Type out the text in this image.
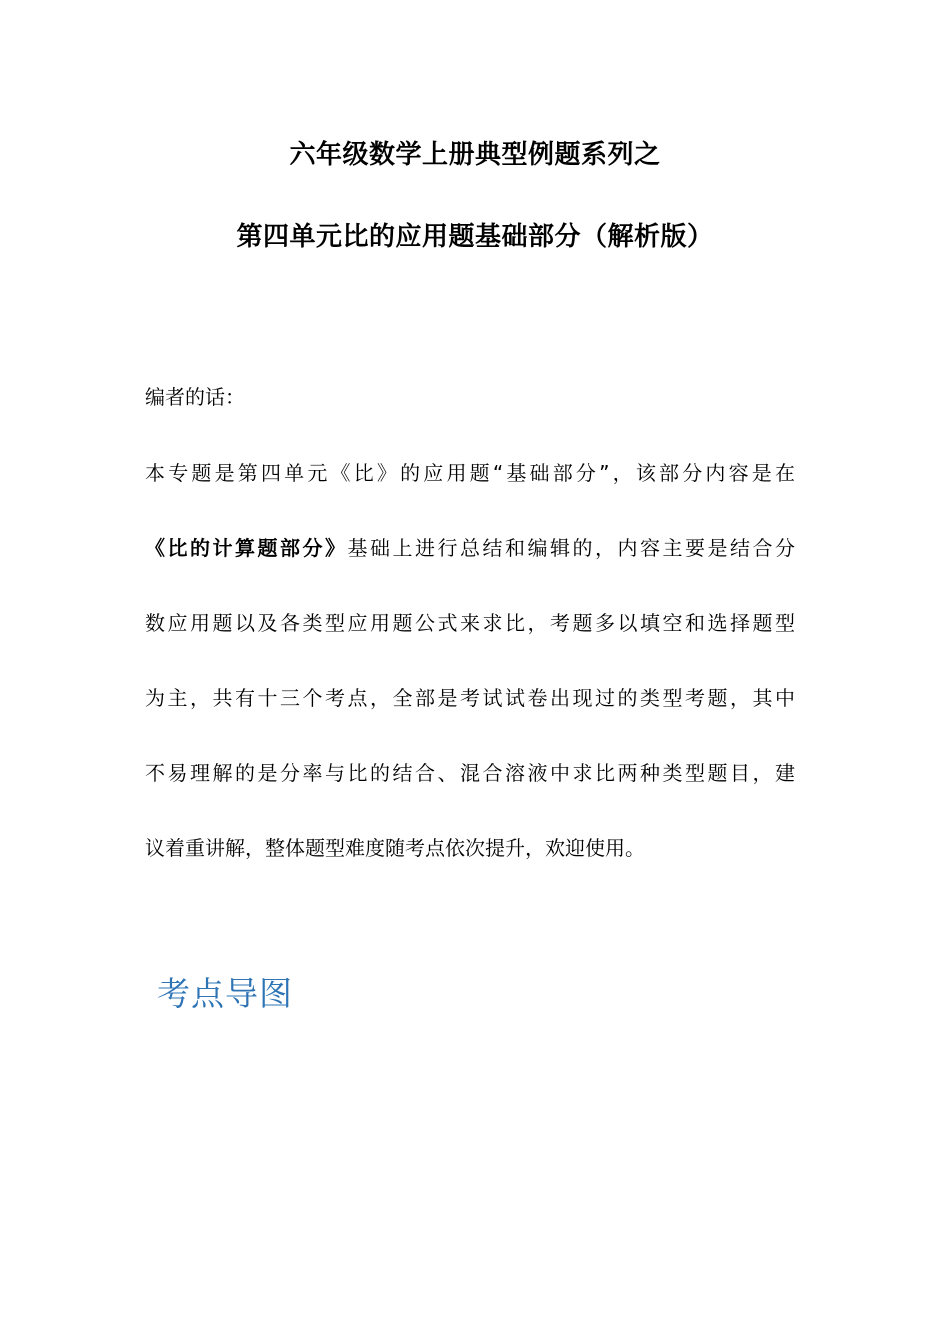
六年级数学上册典型例题系列之
第四单元比的应用题基础部分（解析版）
编者的话：
本专题是第四单元《比》的应用题“基础部分”，该部分内容是在
《比的计算题部分》基础上进行总结和编辑的，内容主要是结合分
数应用题以及各类型应用题公式来求比，考题多以填空和选择题型
为主，共有十三个考点，全部是考试试卷出现过的类型考题，其中
不易理解的是分率与比的结合、混合溶液中求比两种类型题目，建
议着重讲解，整体题型难度随考点依次提升，欢迎使用。
考点导图
